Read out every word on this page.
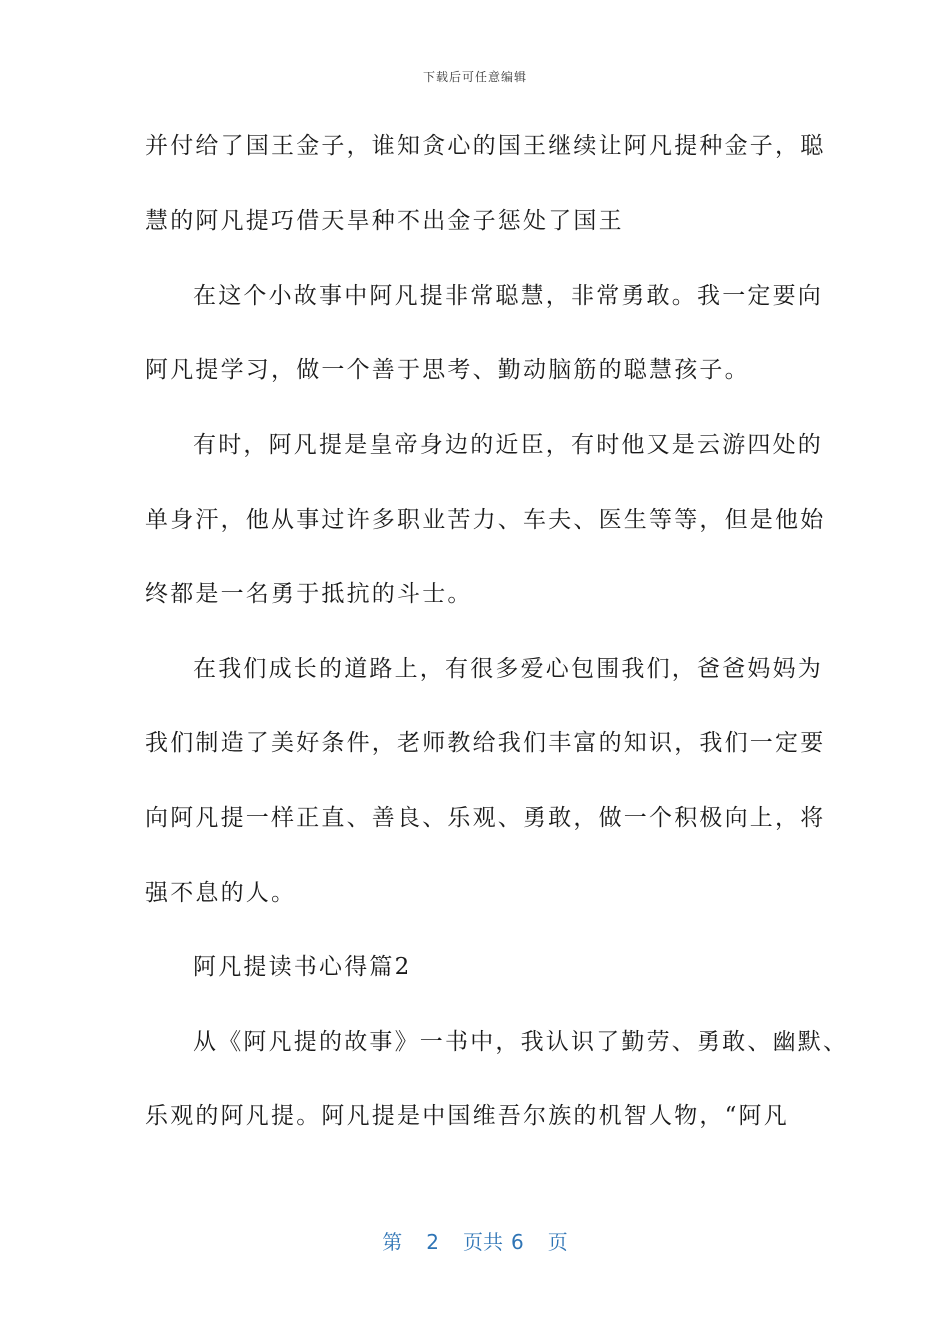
下载后可任意编辑
并付给了国王金子，谁知贪心的国王继续让阿凡提种金子，聪
慧的阿凡提巧借天旱种不出金子惩处了国王
在这个小故事中阿凡提非常聪慧，非常勇敢。我一定要向
阿凡提学习，做一个善于思考、勤动脑筋的聪慧孩子。
有时，阿凡提是皇帝身边的近臣，有时他又是云游四处的
单身汗，他从事过许多职业苦力、车夫、医生等等，但是他始
终都是一名勇于抵抗的斗士。
在我们成长的道路上，有很多爱心包围我们，爸爸妈妈为
我们制造了美好条件，老师教给我们丰富的知识，我们一定要
向阿凡提一样正直、善良、乐观、勇敢，做一个积极向上，将
强不息的人。
阿凡提读书心得篇2
从《阿凡提的故事》一书中，我认识了勤劳、勇敢、幽默、
乐观的阿凡提。阿凡提是中国维吾尔族的机智人物，“阿凡
第 2 页共 6 页
